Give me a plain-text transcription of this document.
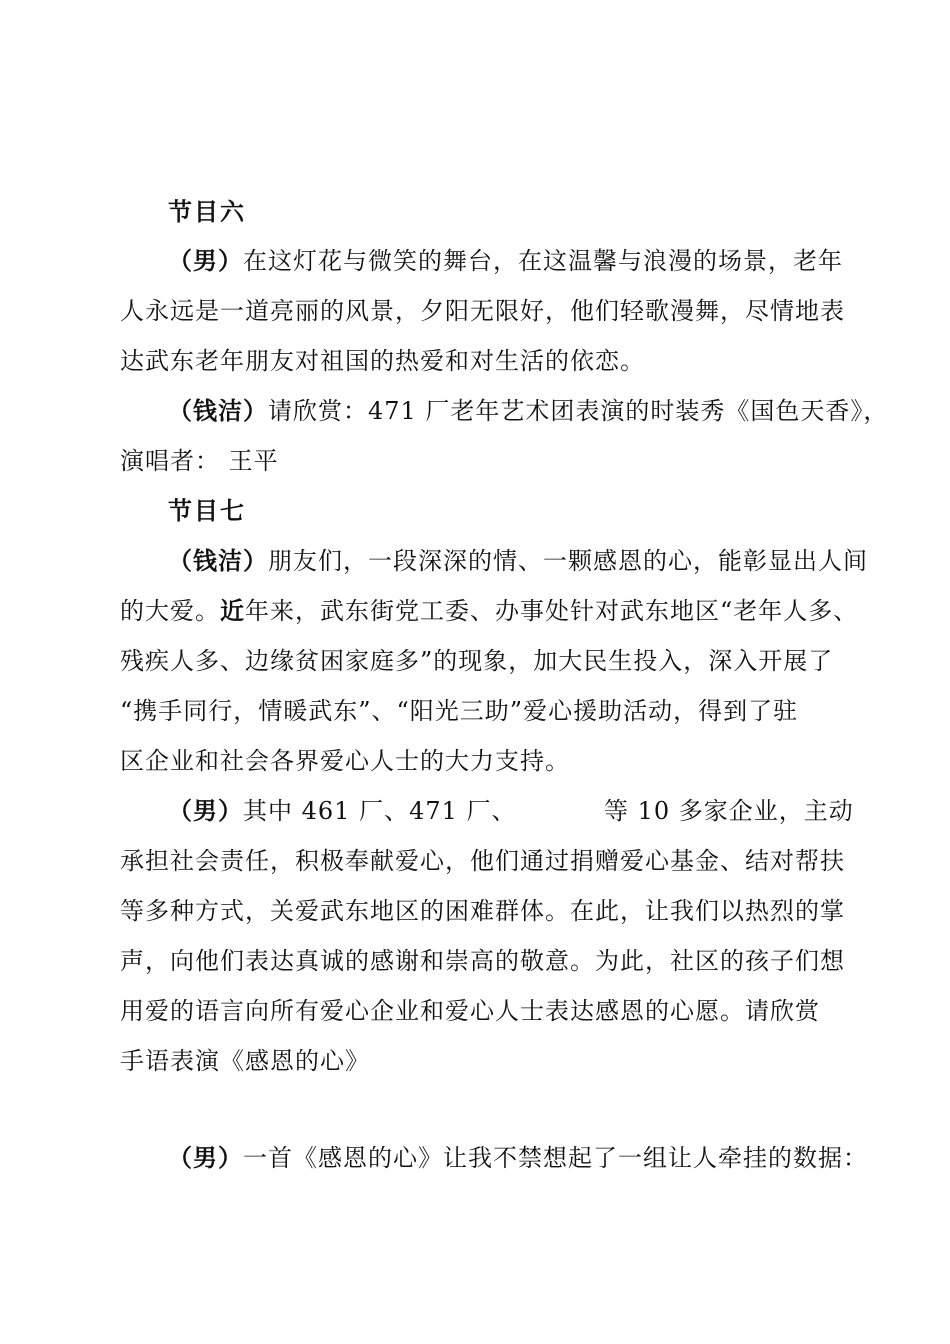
节目六
（男）在这灯花与微笑的舞台，在这温馨与浪漫的场景，老年
人永远是一道亮丽的风景，夕阳无限好，他们轻歌漫舞，尽情地表
达武东老年朋友对祖国的热爱和对生活的依恋。
（钱洁）请欣赏：471 厂老年艺术团表演的时装秀《国色天香》，
演唱者： 王平
节目七
（钱洁）朋友们，一段深深的情、一颗感恩的心，能彰显出人间
的大爱。近年来，武东街党工委、办事处针对武东地区“老年人多、
残疾人多、边缘贫困家庭多”的现象，加大民生投入，深入开展了
“携手同行，情暖武东”、“阳光三助”爱心援助活动，得到了驻
区企业和社会各界爱心人士的大力支持。
（男）其中 461 厂、471 厂、	等 10 多家企业，主动
承担社会责任，积极奉献爱心，他们通过捐赠爱心基金、结对帮扶
等多种方式，关爱武东地区的困难群体。在此，让我们以热烈的掌
声，向他们表达真诚的感谢和崇高的敬意。为此，社区的孩子们想
用爱的语言向所有爱心企业和爱心人士表达感恩的心愿。请欣赏
手语表演《感恩的心》
（男）一首《感恩的心》让我不禁想起了一组让人牵挂的数据：
